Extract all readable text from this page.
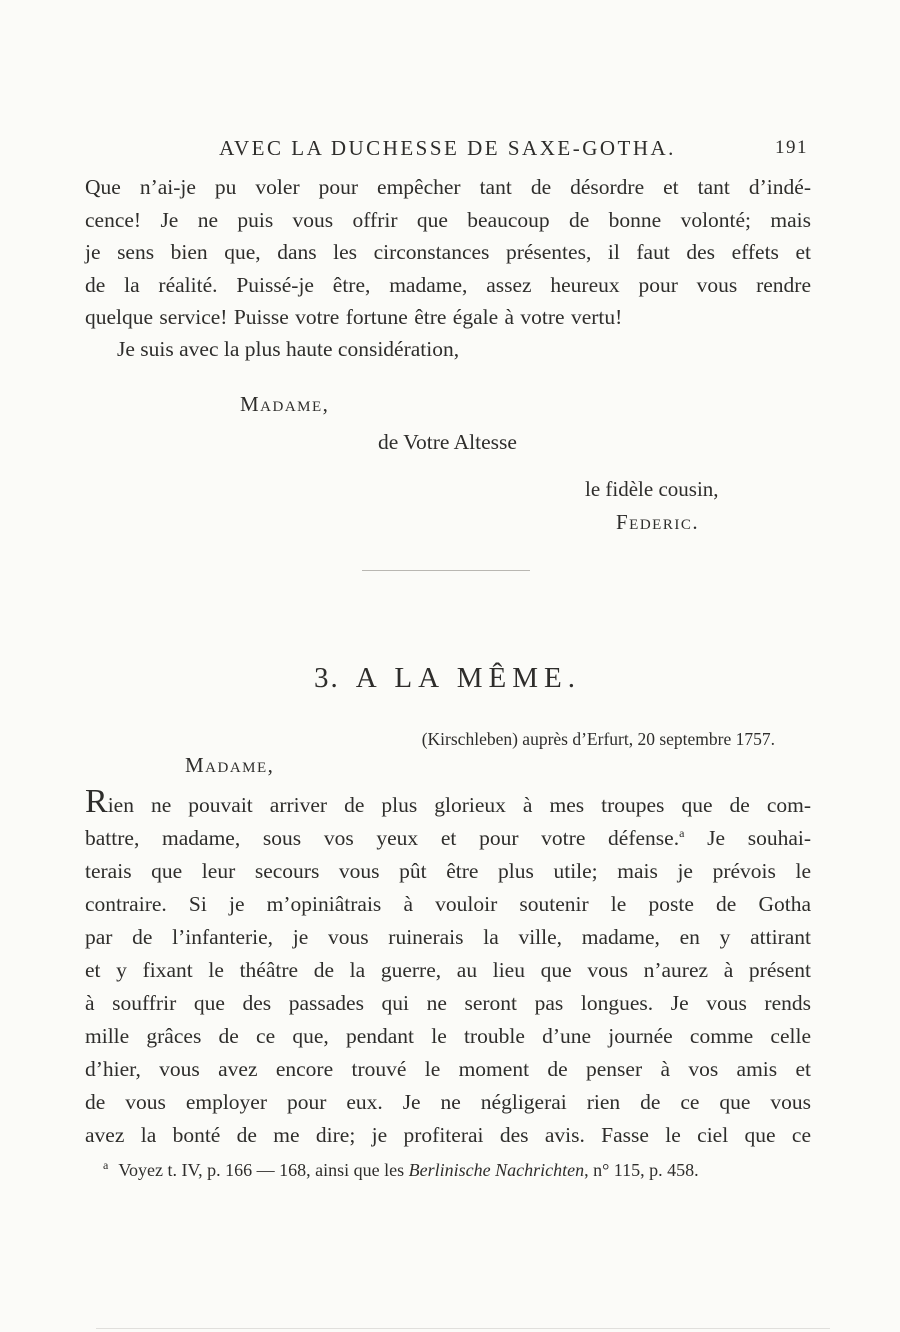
AVEC LA DUCHESSE DE SAXE-GOTHA.	191
Que n’ai-je pu voler pour empêcher tant de désordre et tant d’indé-
cence! Je ne puis vous offrir que beaucoup de bonne volonté; mais
je sens bien que, dans les circonstances présentes, il faut des effets et
de la réalité. Puissé-je être, madame, assez heureux pour vous rendre
quelque service! Puisse votre fortune être égale à votre vertu!
Je suis avec la plus haute considération,
Madame,
de Votre Altesse
le fidèle cousin,
Federic.
3. A LA MÊME.
(Kirschleben) auprès d’Erfurt, 20 septembre 1757.
Madame,
Rien ne pouvait arriver de plus glorieux à mes troupes que de com-
battre, madame, sous vos yeux et pour votre défense.$^a$ Je souhai-
terais que leur secours vous pût être plus utile; mais je prévois le
contraire. Si je m’opiniâtrais à vouloir soutenir le poste de Gotha
par de l’infanterie, je vous ruinerais la ville, madame, en y attirant
et y fixant le théâtre de la guerre, au lieu que vous n’aurez à présent
à souffrir que des passades qui ne seront pas longues. Je vous rends
mille grâces de ce que, pendant le trouble d’une journée comme celle
d’hier, vous avez encore trouvé le moment de penser à vos amis et
de vous employer pour eux. Je ne négligerai rien de ce que vous
avez la bonté de me dire; je profiterai des avis. Fasse le ciel que ce
$^a$ Voyez t. IV, p. 166 — 168, ainsi que les Berlinische Nachrichten, n° 115, p. 458.
